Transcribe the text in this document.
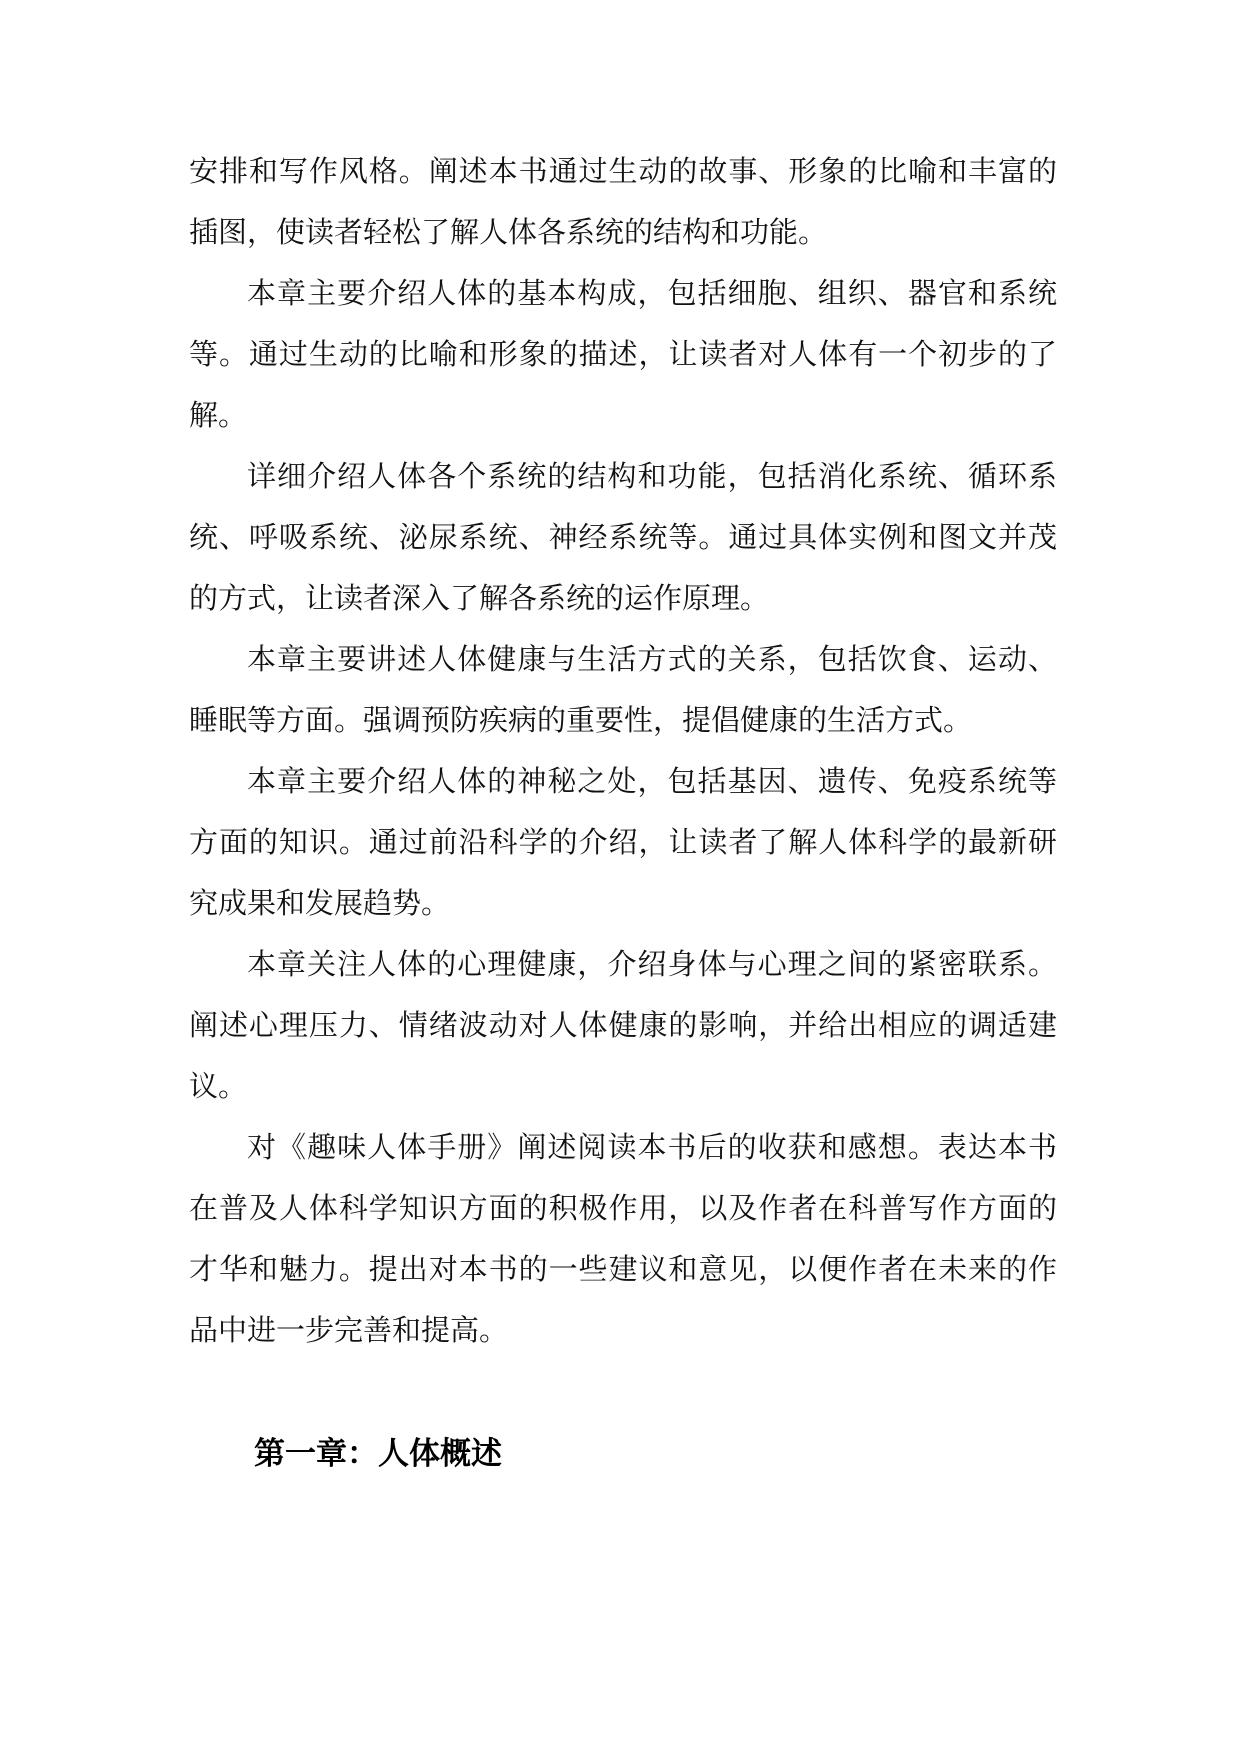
安排和写作风格。阐述本书通过生动的故事、形象的比喻和丰富的插图，使读者轻松了解人体各系统的结构和功能。

本章主要介绍人体的基本构成，包括细胞、组织、器官和系统等。通过生动的比喻和形象的描述，让读者对人体有一个初步的了解。

详细介绍人体各个系统的结构和功能，包括消化系统、循环系统、呼吸系统、泌尿系统、神经系统等。通过具体实例和图文并茂的方式，让读者深入了解各系统的运作原理。

本章主要讲述人体健康与生活方式的关系，包括饮食、运动、睡眠等方面。强调预防疾病的重要性，提倡健康的生活方式。

本章主要介绍人体的神秘之处，包括基因、遗传、免疫系统等方面的知识。通过前沿科学的介绍，让读者了解人体科学的最新研究成果和发展趋势。

本章关注人体的心理健康，介绍身体与心理之间的紧密联系。阐述心理压力、情绪波动对人体健康的影响，并给出相应的调适建议。

对《趣味人体手册》阐述阅读本书后的收获和感想。表达本书在普及人体科学知识方面的积极作用，以及作者在科普写作方面的才华和魅力。提出对本书的一些建议和意见，以便作者在未来的作品中进一步完善和提高。

第一章：人体概述
